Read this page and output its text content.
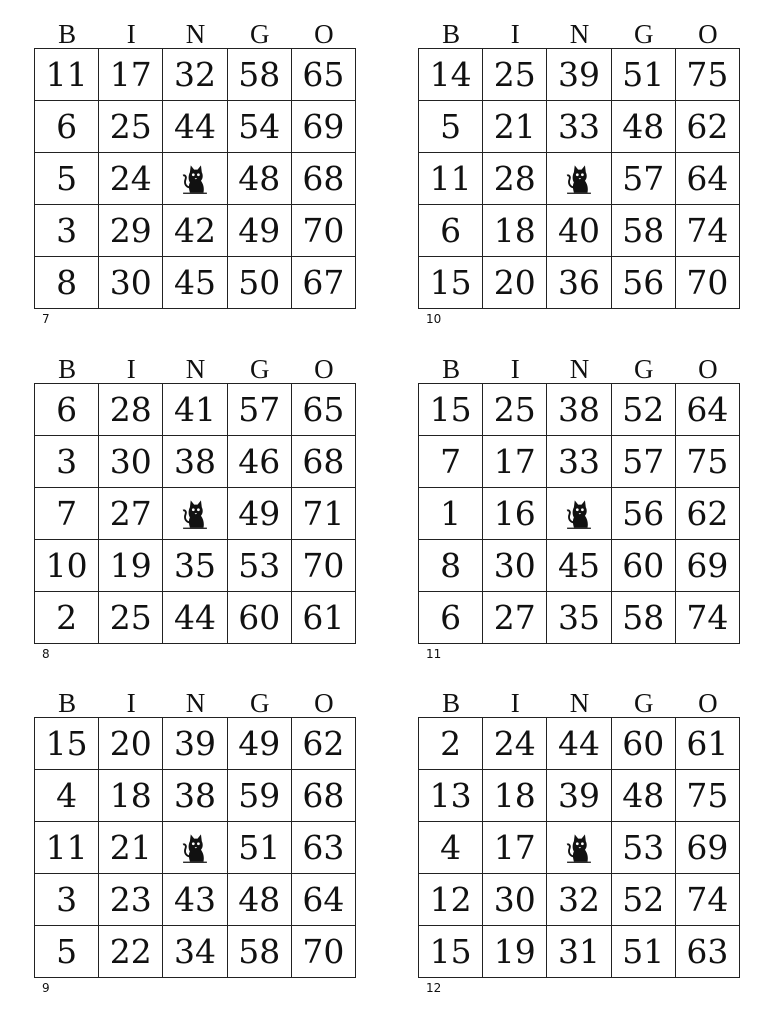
B	I	N	G	O
11 17 32 58 65
6 25 44 54 69
5 24	48 68
3 29 42 49 70
8 30 45 50 67
7
B	I	N	G	O
14 25 39 51 75
5 21 33 48 62
11 28	57 64
6 18 40 58 74
15 20 36 56 70
10
B	I	N	G	O
6 28 41 57 65
3 30 38 46 68
7 27	49 71
10 19 35 53 70
2 25 44 60 61
8
B	I	N	G	O
15 25 38 52 64
7 17 33 57 75
1 16	56 62
8 30 45 60 69
6 27 35 58 74
11
B	I	N	G	O
15 20 39 49 62
4 18 38 59 68
11 21	51 63
3 23 43 48 64
5 22 34 58 70
9
B	I	N	G	O
2 24 44 60 61
13 18 39 48 75
4 17	53 69
12 30 32 52 74
15 19 31 51 63
12
